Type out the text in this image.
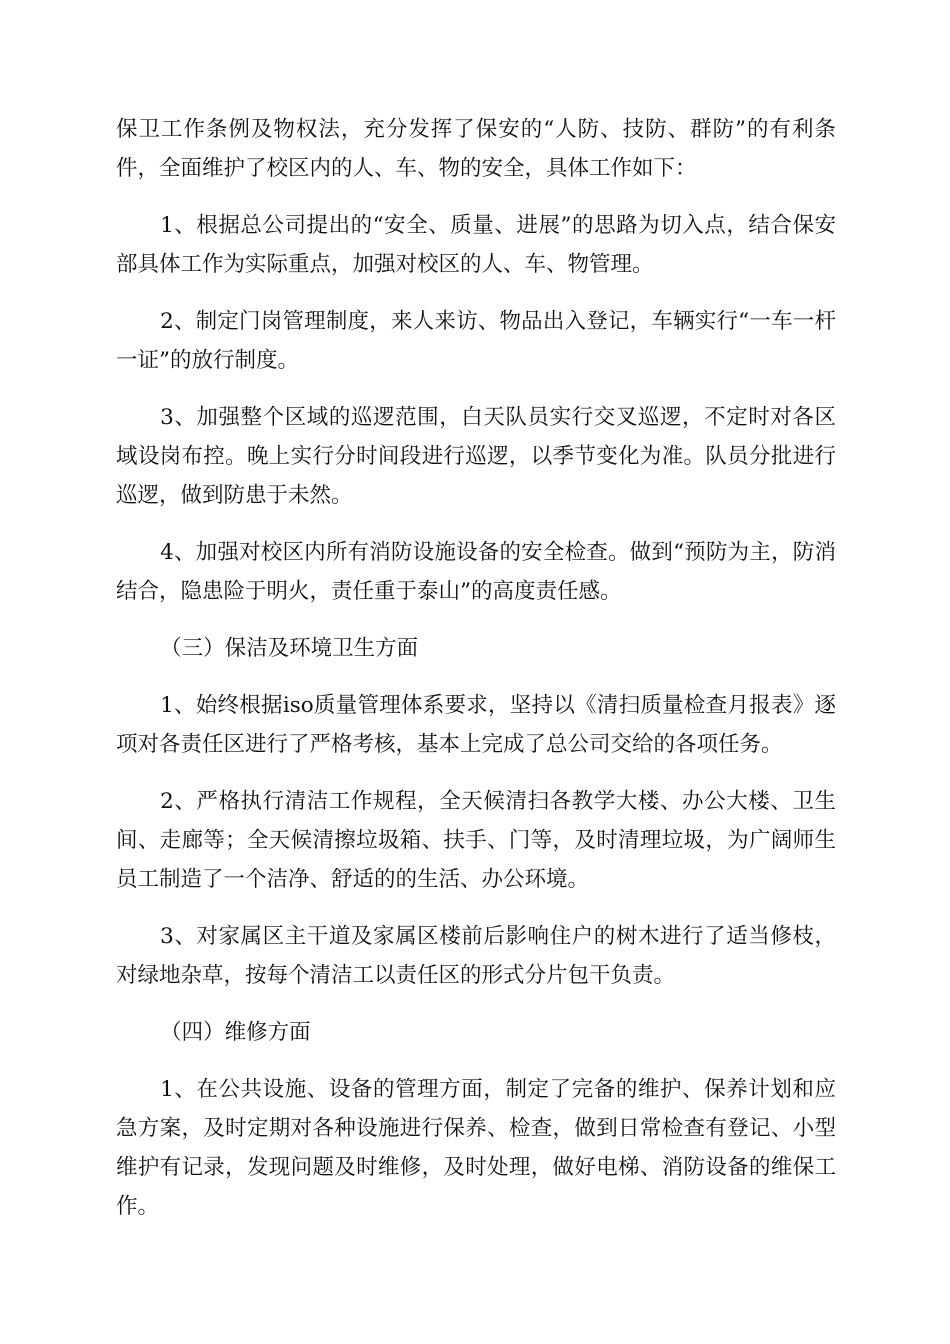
保卫工作条例及物权法，充分发挥了保安的“人防、技防、群防”的有利条件，全面维护了校区内的人、车、物的安全，具体工作如下：

1、根据总公司提出的“安全、质量、进展”的思路为切入点，结合保安部具体工作为实际重点，加强对校区的人、车、物管理。

2、制定门岗管理制度，来人来访、物品出入登记，车辆实行“一车一杆一证”的放行制度。

3、加强整个区域的巡逻范围，白天队员实行交叉巡逻，不定时对各区域设岗布控。晚上实行分时间段进行巡逻，以季节变化为准。队员分批进行巡逻，做到防患于未然。

4、加强对校区内所有消防设施设备的安全检查。做到“预防为主，防消结合，隐患险于明火，责任重于泰山”的高度责任感。

（三）保洁及环境卫生方面

1、始终根据iso质量管理体系要求，坚持以《清扫质量检查月报表》逐项对各责任区进行了严格考核，基本上完成了总公司交给的各项任务。

2、严格执行清洁工作规程，全天候清扫各教学大楼、办公大楼、卫生间、走廊等；全天候清擦垃圾箱、扶手、门等，及时清理垃圾，为广阔师生员工制造了一个洁净、舒适的的生活、办公环境。

3、对家属区主干道及家属区楼前后影响住户的树木进行了适当修枝，对绿地杂草，按每个清洁工以责任区的形式分片包干负责。

（四）维修方面

1、在公共设施、设备的管理方面，制定了完备的维护、保养计划和应急方案，及时定期对各种设施进行保养、检查，做到日常检查有登记、小型维护有记录，发现问题及时维修，及时处理，做好电梯、消防设备的维保工作。
